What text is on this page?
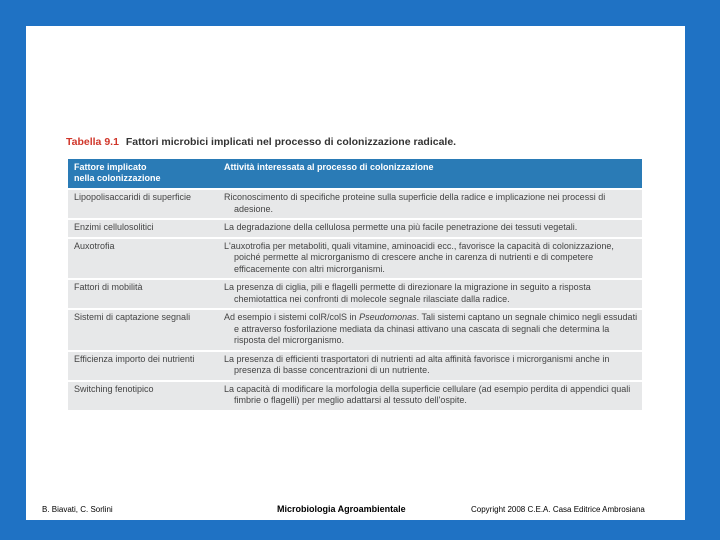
Tabella 9.1 Fattori microbici implicati nel processo di colonizzazione radicale.
Fattore implicato
nella colonizzazione	Attività interessata al processo di colonizzazione
Lipopolisaccaridi di superficie	Riconoscimento di specifiche proteine sulla superficie della radice e implicazione nei processi di adesione.

Enzimi cellulosolitici	La degradazione della cellulosa permette una più facile penetrazione dei tessuti vegetali.

Auxotrofia	L'auxotrofia per metaboliti, quali vitamine, aminoacidi ecc., favorisce la capacità di colonizzazione, poiché permette al microrganismo di crescere anche in carenza di nutrienti e di competere efficacemente con altri microrganismi.

Fattori di mobilità	La presenza di ciglia, pili e flagelli permette di direzionare la migrazione in seguito a risposta chemiotattica nei confronti di molecole segnale rilasciate dalla radice.

Sistemi di captazione segnali	Ad esempio i sistemi colR/colS in Pseudomonas. Tali sistemi captano un segnale chimico negli essudati e attraverso fosforilazione mediata da chinasi attivano una cascata di segnali che determina la risposta del microrganismo.

Efficienza importo dei nutrienti	La presenza di efficienti trasportatori di nutrienti ad alta affinità favorisce i microrganismi anche in presenza di basse concentrazioni di un nutriente.

Switching fenotipico	La capacità di modificare la morfologia della superficie cellulare (ad esempio perdita di appendici quali fimbrie o flagelli) per meglio adattarsi al tessuto dell'ospite.
B. Biavati, C. Sorlini	Microbiologia Agroambientale	Copyright 2008 C.E.A. Casa Editrice Ambrosiana
